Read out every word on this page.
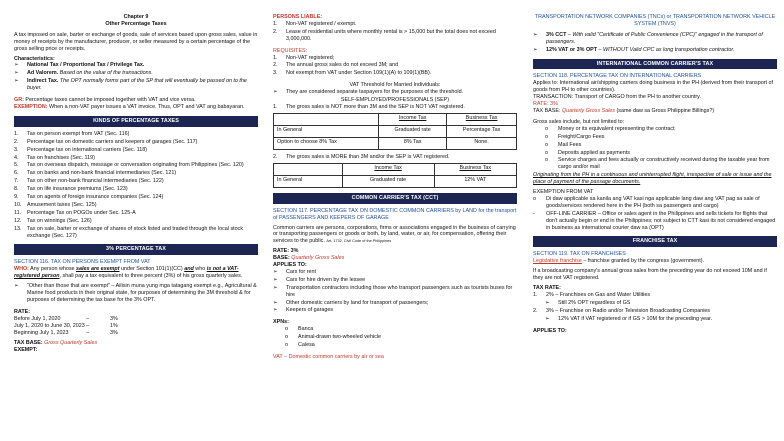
Chapter 9
Other Percentage Taxes

A tax imposed on sale, barter or exchange of goods, sale of services based upon gross sales, value in money of receipts by the manufacturer, producer, or seller measured by a certain percentage of the gross selling price or receipts.

Characteristics:
➢	National Tax / Proportional Tax / Privilege Tax.
➢	Ad Valorem. Based on the value of the transactions.
➢	Indirect Tax. The OPT normally forms part of the SP that will eventually be passed on to the buyer.
GR: Percentage taxes cannot be imposed together with VAT and vice versa.
EXEMPTION: When a non-VAT payer issues a VAT invoice. Thus, OPT and VAT ang babayaran.
KINDS OF PERCENTAGE TAXES
1.	Tax on person exempt from VAT (Sec. 116)
2.	Percentage tax on domestic carriers and keepers of garages (Sec. 117)
3.	Percentage tax on international carriers (Sec. 118)
4.	Tax on franchises (Sec. 119)
5.	Tax on overseas dispatch, message or conversation originating from Philippines (Sec. 120)
6.	Tax on banks and non-bank financial intermediaries (Sec. 121)
7.	Tax on other non-bank financial intermediaries (Sec. 122)
8.	Tax on life insurance premiums (Sec. 123)
9.	Tax on agents of foreign insurance companies (Sec. 124)
10.	Amusement taxes (Sec. 125)
11.	Percentage Tax on POGOs under Sec. 125-A
12.	Tax on winnings (Sec. 126)
13.	Tax on sale, barter or exchange of shares of stock listed and traded through the local stock exchange (Sec. 127)
3% PERCENTAGE TAX
SECTION 116. TAX ON PERSONS EXEMPT FROM VAT

WHO: Any person whose sales are exempt under Section 101(1)(CC) and who is not a VAT-registered person, shall pay a tax equivalent to three percent (3%) of his gross quarterly sales.

➢	"Other than those that are exempt" – Ailisin muna yung mga tatagang exempt e.g., Agricultural & Marine food products in their original state, for purposes of determining the 3M threshold & for purposes of determining the tax base for the 3% OPT.
RATE:
Before July 1, 2020	–	3%
July 1, 2020 to June 30, 2023 –	1%
Beginning July 1, 2023	–	3%
TAX BASE: Gross Quarterly Sales
EXEMPT:
PERSONS LIABLE:
1.	Non-VAT registered / exempt.
2.	Lease of residential units where monthly rental is > 15,000 but the total does not exceed 3,000,000.
REQUISITES:
1.	Non-VAT registered;
2.	The annual gross sales do not exceed 3M; and
3.	Not exempt from VAT under Section 109(1)(A) to 109(1)(BB).
VAT Threshold for Married Individuals:
➢	They are considered separate taxpayers for the purposes of the threshold.
SELF-EMPLOYED/PROFESSIONALS (SEP)
1.	The gross sales is NOT more than 3M and the SEP is NOT VAT registered.
	Income Tax	Business Tax
In General	Graduated rate	Percentage Tax
Option to choose 8% Tax	8% Tax	None.
2.	The gross sales is MORE than 3M and/or the SEP is VAT registered.
	Income Tax	Business Tax
In General	Graduated rate	12% VAT
COMMON CARRIER'S TAX (CCT)

SECTION 117. PERCENTAGE TAX ON DOMESTIC COMMON CARRIERS by LAND for the transport of PASSENGERS AND KEEPERS OF GARAGE

Common carriers are persons, corporations, firms or associations engaged in the business of carrying or transporting passengers or goods or both, by land, water, or air, for compensation, offering their services to the public. Art. 1732, Civil Code of the Philippines

RATE: 3%
BASE: Quarterly Gross Sales
APPLIES TO:
➢	Cars for rent
➢	Cars for hire driven by the lessee
➢	Transportation contractors including those who transport passengers such as tourists buses for hire
➢	Other domestic carriers by land for transport of passengers;
➢	Keepers of garages
XPNs:
o	Banca
o	Animal-drawn two-wheeled vehicle
o	Calesa
VAT – Domestic common carriers by air or sea
TRANSPORTATION NETWORK COMPANIES (TNCs) or TRANSPORTATION NETWORK VEHICLE SYSTEM (TNVS)
➢	3% CCT – With valid "Certificate of Public Convenience (CPC)" engaged in the transport of passengers.
➢	12% VAT or 3% OPT – WITHOUT Valid CPC as long transportation contractor.
INTERNATIONAL COMMON CARRIER'S TAX
SECTION 118. PERCENTAGE TAX ON INTERNATIONAL CARRIERS
Applies to: International air/shipping carriers doing business in the PH (derived from their transport of goods from PH to other countries).
TRANSACTION: Transport of CARGO from the PH to another country.
RATE: 3%
TAX BASE: Quarterly Gross Sales (same daw sa Gross Philippine Billings?)
Gross sales include, but not limited to:
o	Money or its equivalent representing the contract
o	Freight/Cargo Fees
o	Mail Fees
o	Deposits applied as payments
o	Service charges and fees actually or constructively received during the taxable year from cargo and/or mail

Originating from the PH in a continuous and uninterrupted flight, irrespective of sale or issue and the place of payment of the passage documents.

EXEMPTION FROM VAT
o	Di daw applicable sa kanila ang VAT kasi nga applicable lang daw ang VAT pag sa sale of goods/services rendered here in the PH (both sa passengers and cargo)
-	OFF-LINE CARRIER – Office or sales agent in the Philippines and sells tickets for flights that don't actually begin or end in the Philippines; not subject to CTT kasi its not considered engaged in business as international courier daw sa (OPT)
FRANCHISE TAX
SECTION 119. TAX ON FRANCHISES

Legislative franchise – franchise granted by the congress (government).

If a broadcasting company's annual gross sales from the preceding year do not exceed 10M and if they are not VAT registered.

TAX RATE:
1.	2% – Franchises on Gas and Water Utilities
➢	Still 2% OPT regardless of GS
2.	3% – Franchise on Radio and/or Television Broadcasting Companies
➢	12% VAT if VAT registered or if GS > 10M for the preceding year.
APPLIES TO:
